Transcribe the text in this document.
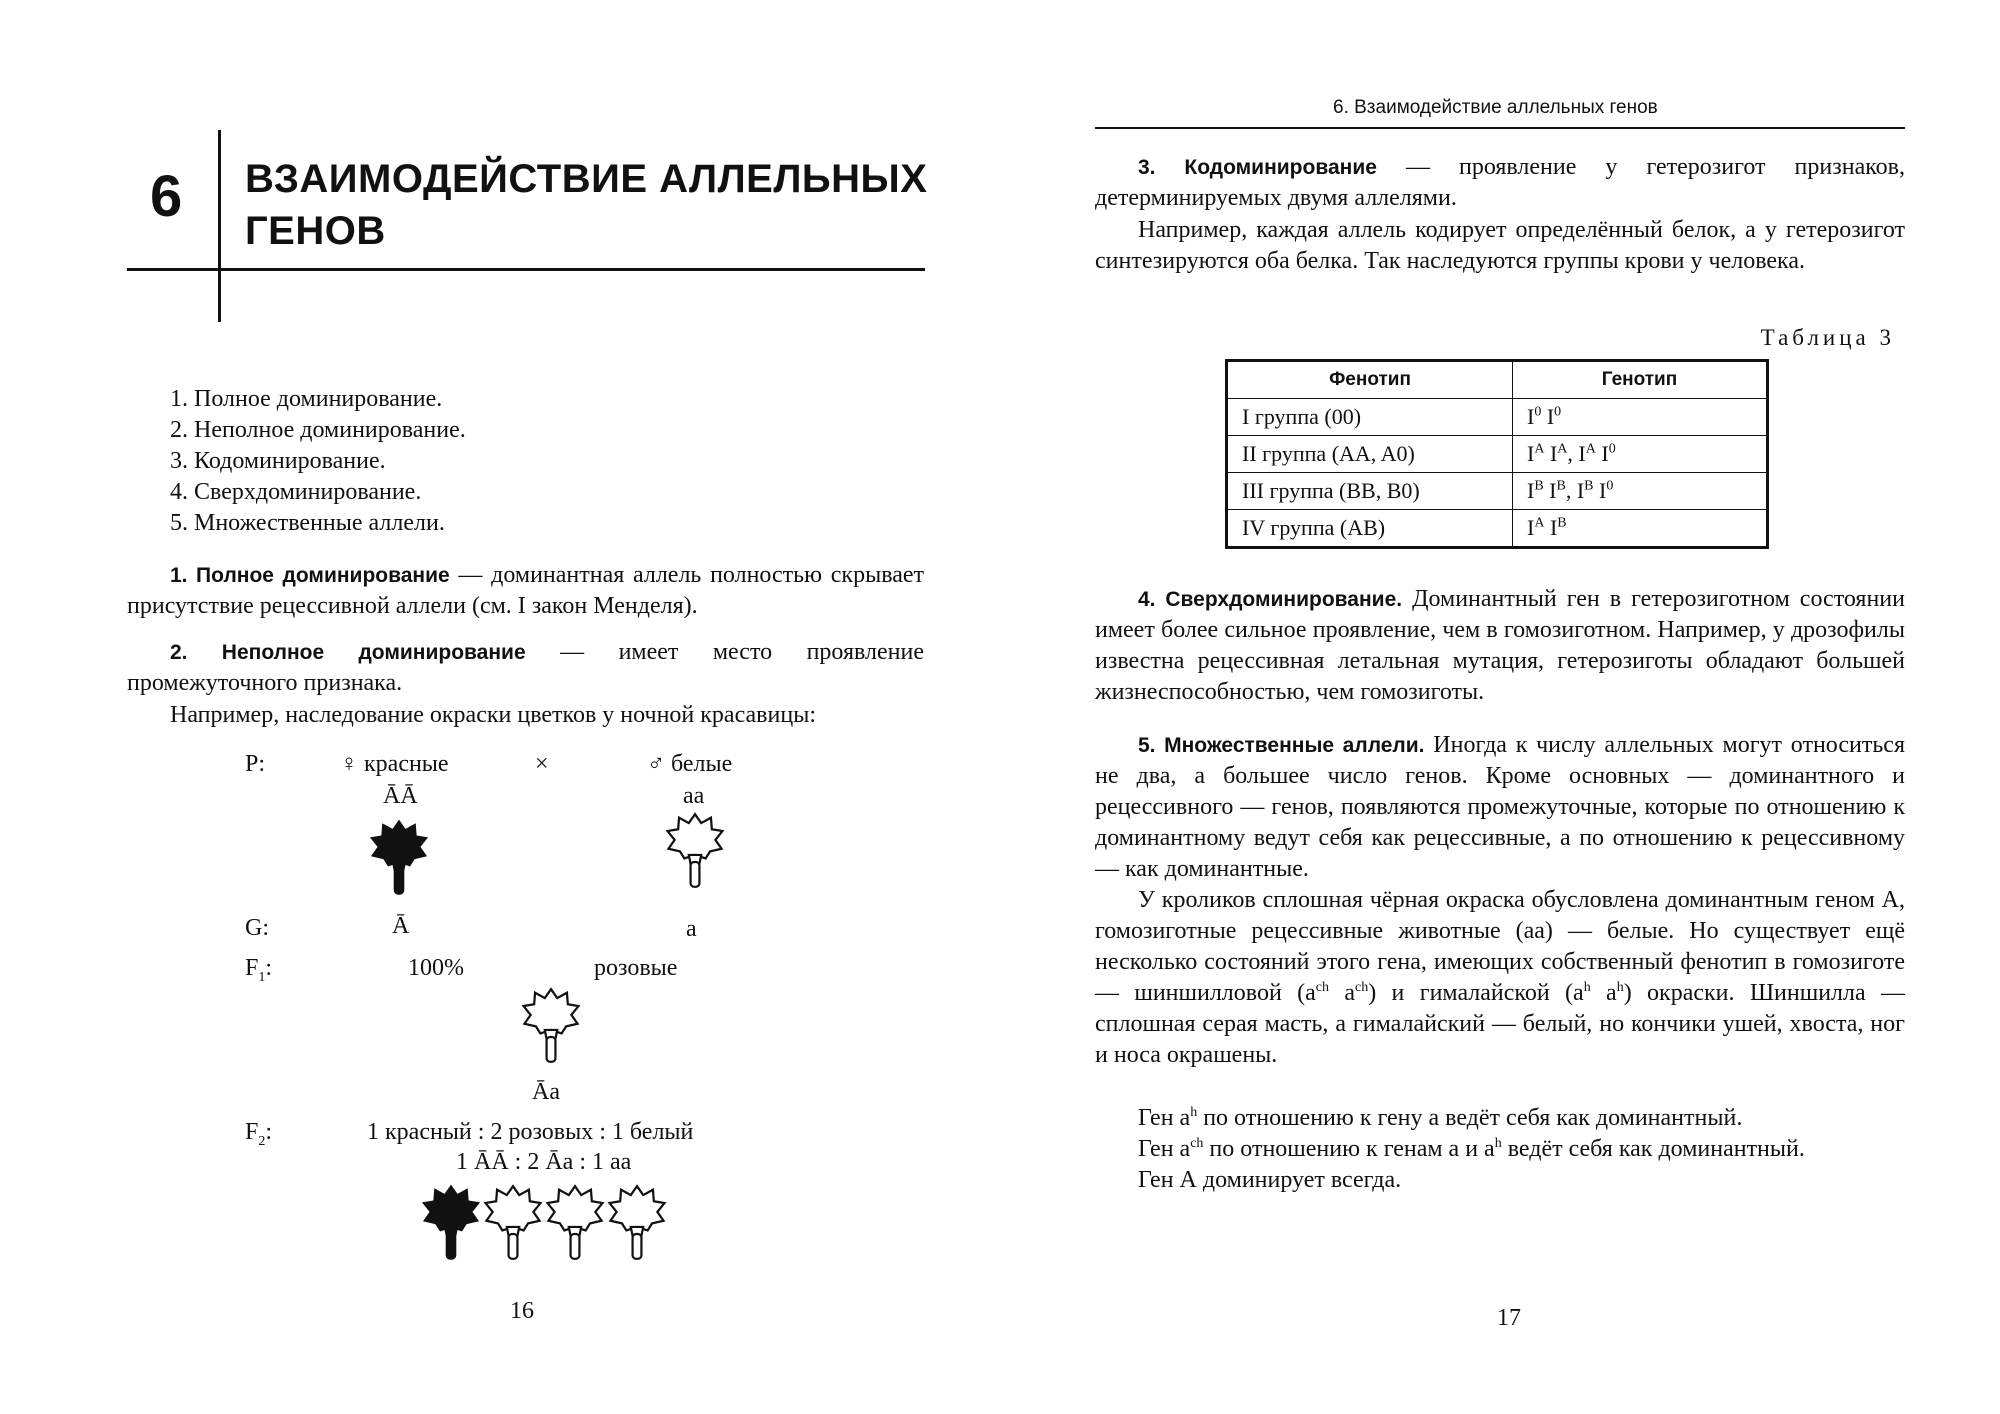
6 ВЗАИМОДЕЙСТВИЕ АЛЛЕЛЬНЫХ
ГЕНОВ
1. Полное доминирование.
2. Неполное доминирование.
3. Кодоминирование.
4. Сверхдоминирование.
5. Множественные аллели.
1. Полное доминирование — доминантная аллель полностью скрывает присутствие рецессивной аллели (см. I закон Менделя).
2. Неполное доминирование — имеет место проявление промежуточного признака.
Например, наследование окраски цветков у ночной красавицы:
P:	♀ красные	×	♂ белые
ĀĀ	aa
G:	Ā	a
$F_1$:	100%	розовые
Āa
$F_2$:	1 красный : 2 розовых : 1 белый
1 ĀĀ : 2 Āa : 1 aa
16
6. Взаимодействие аллельных генов
3. Кодоминирование — проявление у гетерозигот признаков, детерминируемых двумя аллелями.
Например, каждая аллель кодирует определённый белок, а у гетерозигот синтезируются оба белка. Так наследуются группы крови у человека.
Таблица 3
Фенотип	Генотип
I группа (00)	$I^0$ $I^0$
II группа (AA, A0)	$I^A$ $I^A$, $I^A$ $I^0$
III группа (BB, B0)	$I^B$ $I^B$, $I^B$ $I^0$
IV группа (AB)	$I^A$ $I^B$
4. Сверхдоминирование. Доминантный ген в гетерозиготном состоянии имеет более сильное проявление, чем в гомозиготном. Например, у дрозофилы известна рецессивная летальная мутация, гетерозиготы обладают большей жизнеспособностью, чем гомозиготы.
5. Множественные аллели. Иногда к числу аллельных могут относиться не два, а большее число генов. Кроме основных — доминантного и рецессивного — генов, появляются промежуточные, которые по отношению к доминантному ведут себя как рецессивные, а по отношению к рецессивному — как доминантные.
У кроликов сплошная чёрная окраска обусловлена доминантным геном А, гомозиготные рецессивные животные (аа) — белые. Но существует ещё несколько состояний этого гена, имеющих собственный фенотип в гомозиготе — шиншилловой ($а^{ch}$ $а^{ch}$) и гималайской ($а^h$ $а^h$) окраски. Шиншилла — сплошная серая масть, а гималайский — белый, но кончики ушей, хвоста, ног и носа окрашены.
Ген $а^h$ по отношению к гену а ведёт себя как доминантный.
Ген $а^{ch}$ по отношению к генам а и $а^h$ ведёт себя как доминантный.
Ген А доминирует всегда.
17
